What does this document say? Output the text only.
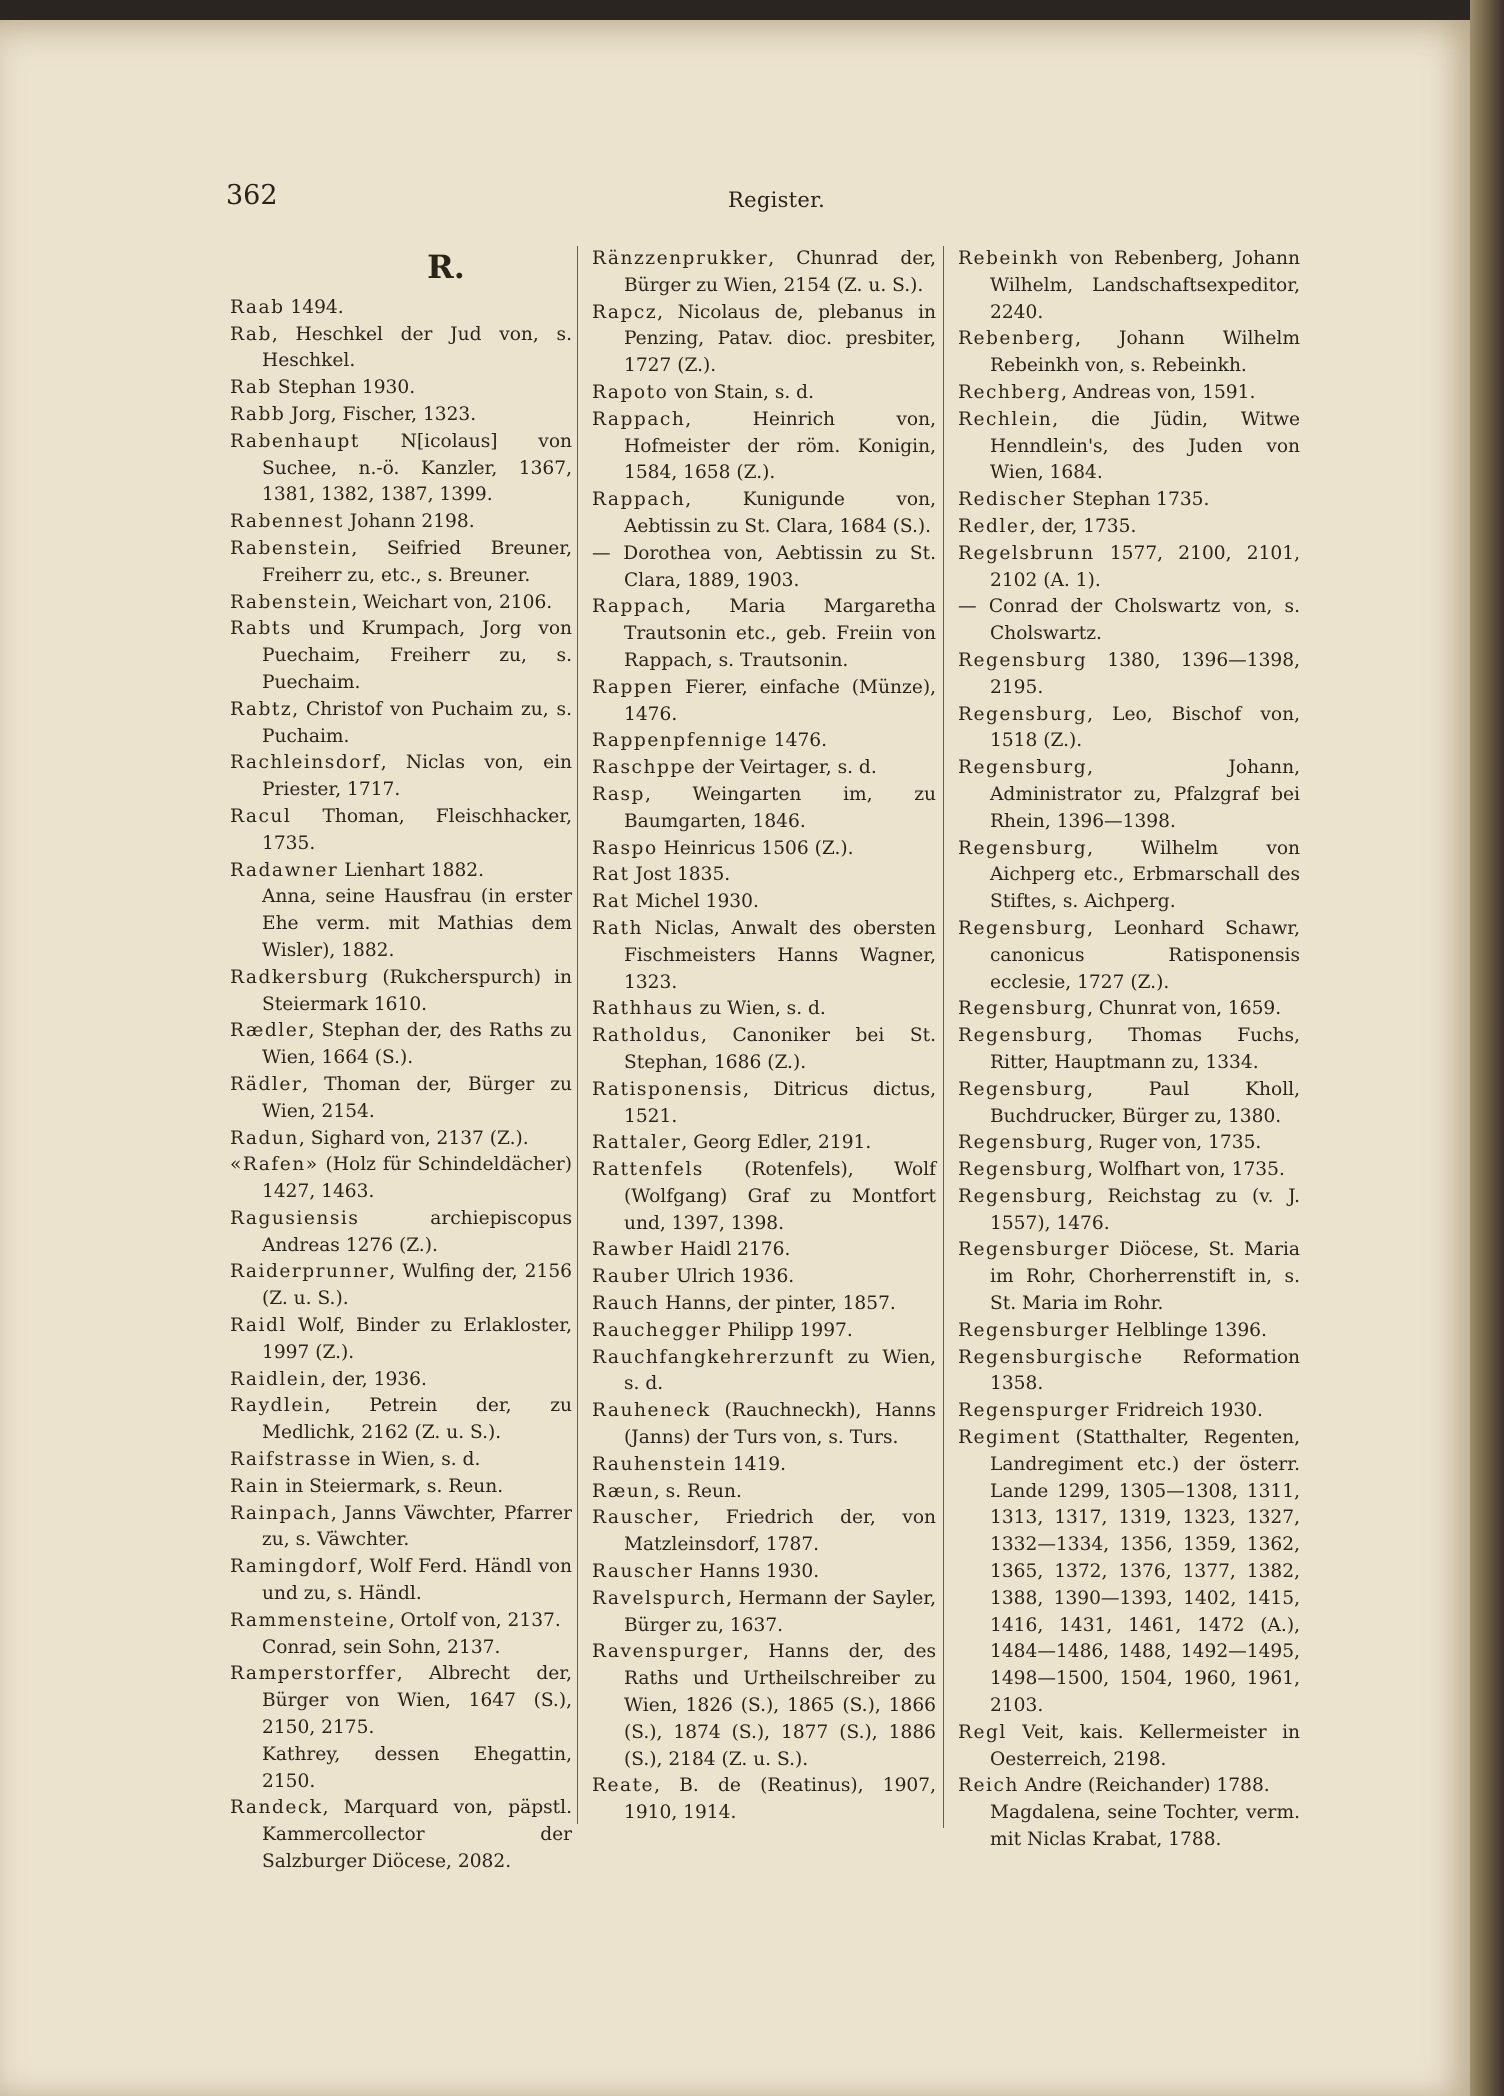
362	Register.
R.

Raab 1494.

Rab, Heschkel der Jud von, s. Heschkel.

Rab Stephan 1930.

Rabb Jorg, Fischer, 1323.

Rabenhaupt N[icolaus] von Suchee, n.-ö. Kanzler, 1367, 1381, 1382, 1387, 1399.

Rabennest Johann 2198.

Rabenstein, Seifried Breuner, Freiherr zu, etc., s. Breuner.

Rabenstein, Weichart von, 2106.

Rabts und Krumpach, Jorg von Puechaim, Freiherr zu, s. Puechaim.

Rabtz, Christof von Puchaim zu, s. Puchaim.

Rachleinsdorf, Niclas von, ein Priester, 1717.

Racul Thoman, Fleischhacker, 1735.

Radawner Lienhart 1882.

Anna, seine Hausfrau (in erster Ehe verm. mit Mathias dem Wisler), 1882.

Radkersburg (Rukcherspurch) in Steiermark 1610.

Rædler, Stephan der, des Raths zu Wien, 1664 (S.).

Rädler, Thoman der, Bürger zu Wien, 2154.

Radun, Sighard von, 2137 (Z.).

«Rafen» (Holz für Schindeldächer) 1427, 1463.

Ragusiensis archiepiscopus Andreas 1276 (Z.).

Raiderprunner, Wulfing der, 2156 (Z. u. S.).

Raidl Wolf, Binder zu Erlakloster, 1997 (Z.).

Raidlein, der, 1936.

Raydlein, Petrein der, zu Medlichk, 2162 (Z. u. S.).

Raifstrasse in Wien, s. d.

Rain in Steiermark, s. Reun.

Rainpach, Janns Väwchter, Pfarrer zu, s. Väwchter.

Ramingdorf, Wolf Ferd. Händl von und zu, s. Händl.

Rammensteine, Ortolf von, 2137.

Conrad, sein Sohn, 2137.

Ramperstorffer, Albrecht der, Bürger von Wien, 1647 (S.), 2150, 2175.

Kathrey, dessen Ehegattin, 2150.

Randeck, Marquard von, päpstl. Kammercollector der Salzburger Diöcese, 2082.

Ränzzenprukker, Chunrad der, Bürger zu Wien, 2154 (Z. u. S.).

Rapcz, Nicolaus de, plebanus in Penzing, Patav. dioc. presbiter, 1727 (Z.).

Rapoto von Stain, s. d.

Rappach, Heinrich von, Hofmeister der röm. Konigin, 1584, 1658 (Z.).

Rappach, Kunigunde von, Aebtissin zu St. Clara, 1684 (S.).

— Dorothea von, Aebtissin zu St. Clara, 1889, 1903.

Rappach, Maria Margaretha Trautsonin etc., geb. Freiin von Rappach, s. Trautsonin.

Rappen Fierer, einfache (Münze), 1476.

Rappenpfennige 1476.

Raschppe der Veirtager, s. d.

Rasp, Weingarten im, zu Baumgarten, 1846.

Raspo Heinricus 1506 (Z.).

Rat Jost 1835.

Rat Michel 1930.

Rath Niclas, Anwalt des obersten Fischmeisters Hanns Wagner, 1323.

Rathhaus zu Wien, s. d.

Ratholdus, Canoniker bei St. Stephan, 1686 (Z.).

Ratisponensis, Ditricus dictus, 1521.

Rattaler, Georg Edler, 2191.

Rattenfels (Rotenfels), Wolf (Wolfgang) Graf zu Montfort und, 1397, 1398.

Rawber Haidl 2176.

Rauber Ulrich 1936.

Rauch Hanns, der pinter, 1857.

Rauchegger Philipp 1997.

Rauchfangkehrerzunft zu Wien, s. d.

Rauheneck (Rauchneckh), Hanns (Janns) der Turs von, s. Turs.

Rauhenstein 1419.

Ræun, s. Reun.

Rauscher, Friedrich der, von Matzleinsdorf, 1787.

Rauscher Hanns 1930.

Ravelspurch, Hermann der Sayler, Bürger zu, 1637.

Ravenspurger, Hanns der, des Raths und Urtheilschreiber zu Wien, 1826 (S.), 1865 (S.), 1866 (S.), 1874 (S.), 1877 (S.), 1886 (S.), 2184 (Z. u. S.).

Reate, B. de (Reatinus), 1907, 1910, 1914.

Rebeinkh von Rebenberg, Johann Wilhelm, Landschaftsexpeditor, 2240.

Rebenberg, Johann Wilhelm Rebeinkh von, s. Rebeinkh.

Rechberg, Andreas von, 1591.

Rechlein, die Jüdin, Witwe Henndlein's, des Juden von Wien, 1684.

Redischer Stephan 1735.

Redler, der, 1735.

Regelsbrunn 1577, 2100, 2101, 2102 (A. 1).

— Conrad der Cholswartz von, s. Cholswartz.

Regensburg 1380, 1396—1398, 2195.

Regensburg, Leo, Bischof von, 1518 (Z.).

Regensburg, Johann, Administrator zu, Pfalzgraf bei Rhein, 1396—1398.

Regensburg, Wilhelm von Aichperg etc., Erbmarschall des Stiftes, s. Aichperg.

Regensburg, Leonhard Schawr, canonicus Ratisponensis ecclesie, 1727 (Z.).

Regensburg, Chunrat von, 1659.

Regensburg, Thomas Fuchs, Ritter, Hauptmann zu, 1334.

Regensburg, Paul Kholl, Buchdrucker, Bürger zu, 1380.

Regensburg, Ruger von, 1735.

Regensburg, Wolfhart von, 1735.

Regensburg, Reichstag zu (v. J. 1557), 1476.

Regensburger Diöcese, St. Maria im Rohr, Chorherrenstift in, s. St. Maria im Rohr.

Regensburger Helblinge 1396.

Regensburgische Reformation 1358.

Regenspurger Fridreich 1930.

Regiment (Statthalter, Regenten, Landregiment etc.) der österr. Lande 1299, 1305—1308, 1311, 1313, 1317, 1319, 1323, 1327, 1332—1334, 1356, 1359, 1362, 1365, 1372, 1376, 1377, 1382, 1388, 1390—1393, 1402, 1415, 1416, 1431, 1461, 1472 (A.), 1484—1486, 1488, 1492—1495, 1498—1500, 1504, 1960, 1961, 2103.

Regl Veit, kais. Kellermeister in Oesterreich, 2198.

Reich Andre (Reichander) 1788.

Magdalena, seine Tochter, verm. mit Niclas Krabat, 1788.
